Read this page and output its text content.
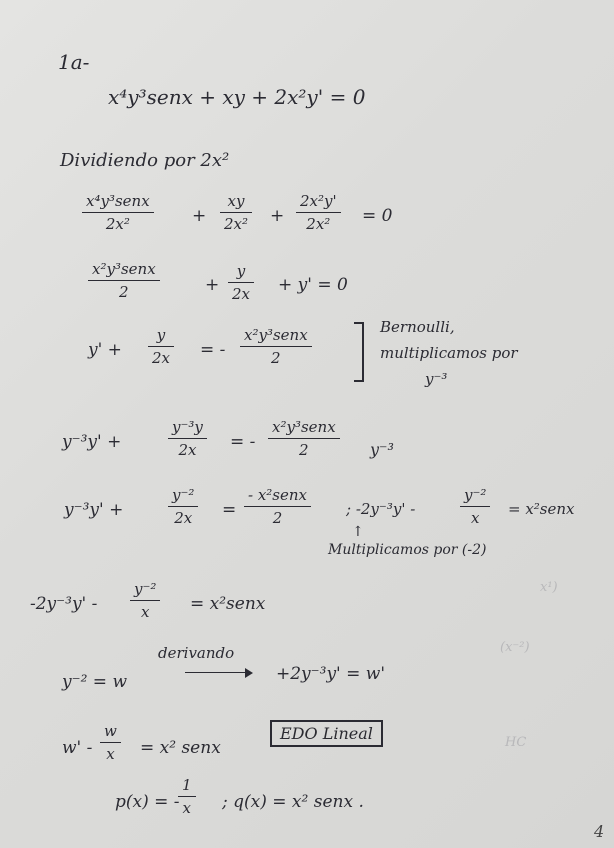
x¹)
(x⁻²)
HC
1a-
x⁴y³senx + xy + 2x²y' = 0
Dividiendo por 2x²
x⁴y³senx
2x²	+
xy
2x² +
2x²y'
2x²	= 0
x²y³senx
2	+
y
2x + y' = 0
y' +
y
2x = -
x²y³senx
2
Bernoulli,
multiplicamos por
y⁻³
y⁻³y' +
y⁻³y
2x	= -
x²y³senx
2	y⁻³
y⁻³y' +
y⁻²
2x	=
- x²senx
2	; -2y⁻³y' -
y⁻²
x	= x²senx
↑
Multiplicamos por (-2)
-2y⁻³y' -
y⁻²
x	= x²senx
y⁻² = w
derivando
+2y⁻³y' = w'
w' -
w
x	= x² senx
EDO Lineal
p(x) = -
1
x ; q(x) = x² senx .
4
